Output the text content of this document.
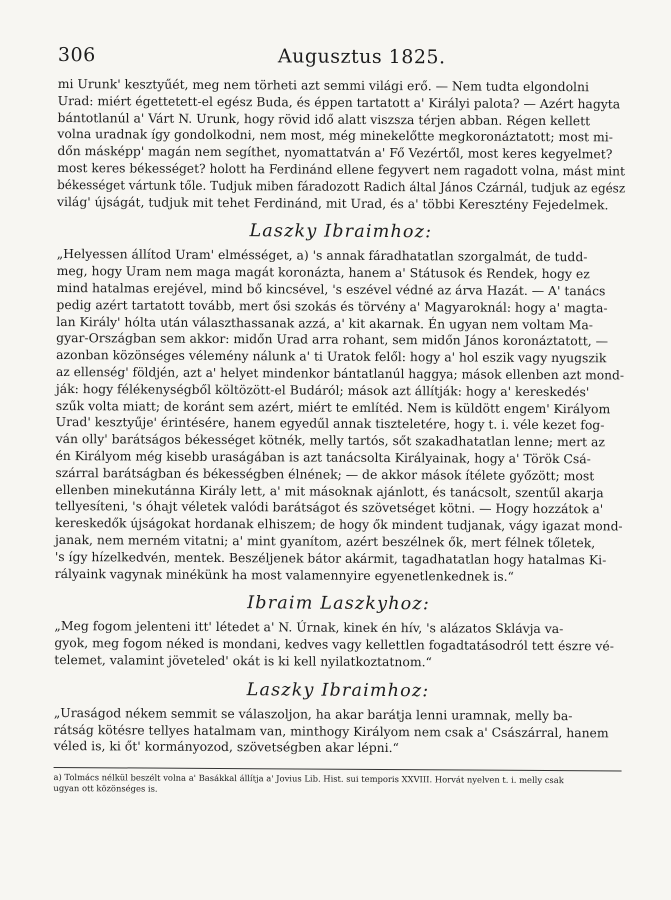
306	Augusztus 1825.

mi Urunk' kesztyűét, meg nem törheti azt semmi világi erő. — Nem tudta elgondolni
Urad: miért égettetett-el egész Buda, és éppen tartatott a' Királyi palota? — Azért hagyta
bántotlanúl a' Várt N. Urunk, hogy rövid idő alatt viszsza térjen abban. Régen kellett
volna uradnak így gondolkodni, nem most, még minekelőtte megkoronáztatott; most mi-
dőn másképp' magán nem segíthet, nyomattatván a' Fő Vezértől, most keres kegyelmet?
most keres békességet? holott ha Ferdinánd ellene fegyvert nem ragadott volna, mást mint
békességet vártunk tőle. Tudjuk miben fáradozott Radich által János Czárnál, tudjuk az egész
világ' újságát, tudjuk mit tehet Ferdinánd, mit Urad, és a' többi Keresztény Fejedelmek.

Laszky Ibraimhoz:

„Helyessen állítod Uram' elmésséget, a) 's annak fáradhatatlan szorgalmát, de tudd-
meg, hogy Uram nem maga magát koronázta, hanem a' Státusok és Rendek, hogy ez
mind hatalmas erejével, mind bő kincsével, 's eszével védné az árva Hazát. — A' tanács
pedig azért tartatott tovább, mert ősi szokás és törvény a' Magyaroknál: hogy a' magta-
lan Király' hólta után választhassanak azzá, a' kit akarnak. Én ugyan nem voltam Ma-
gyar-Országban sem akkor: midőn Urad arra rohant, sem midőn János koronáztatott, —
azonban közönséges vélemény nálunk a' ti Uratok felől: hogy a' hol eszik vagy nyugszik
az ellenség' földjén, azt a' helyet mindenkor bántatlanúl haggya; mások ellenben azt mond-
ják: hogy félékenységből költözött-el Budáról; mások azt állítják: hogy a' kereskedés'
szűk volta miatt; de koránt sem azért, miért te említéd. Nem is küldött engem' Királyom
Urad' kesztyűje' érintésére, hanem egyedűl annak tiszteletére, hogy t. i. véle kezet fog-
ván olly' barátságos békességet kötnék, melly tartós, sőt szakadhatatlan lenne; mert az
én Királyom még kisebb uraságában is azt tanácsolta Királyainak, hogy a' Török Csá-
szárral barátságban és békességben élnének; — de akkor mások ítélete győzött; most
ellenben minekutánna Király lett, a' mit másoknak ajánlott, és tanácsolt, szentűl akarja
tellyesíteni, 's óhajt véletek valódi barátságot és szövetséget kötni. — Hogy hozzátok a'
kereskedők újságokat hordanak elhiszem; de hogy ők mindent tudjanak, vágy igazat mond-
janak, nem merném vitatni; a' mint gyanítom, azért beszélnek ők, mert félnek tőletek,
's így hízelkedvén, mentek. Beszéljenek bátor akármit, tagadhatatlan hogy hatalmas Ki-
rályaink vagynak minékünk ha most valamennyire egyenetlenkednek is.“

Ibraim Laszkyhoz:

„Meg fogom jelenteni itt' létedet a' N. Úrnak, kinek én hív, 's alázatos Sklávja va-
gyok, meg fogom néked is mondani, kedves vagy kellettlen fogadtatásodról tett észre vé-
telemet, valamint jöveteled' okát is ki kell nyilatkoztatnom.“

Laszky Ibraimhoz:

„Uraságod nékem semmit se válaszoljon, ha akar barátja lenni uramnak, melly ba-
rátság kötésre tellyes hatalmam van, minthogy Királyom nem csak a' Császárral, hanem
véled is, ki őt' kormányozod, szövetségben akar lépni.“

a) Tolmács nélkül beszélt volna a' Basákkal állítja a' Jovius Lib. Hist. sui temporis XXVIII. Horvát nyelven t. i. melly csak
ugyan ott közönséges is.
